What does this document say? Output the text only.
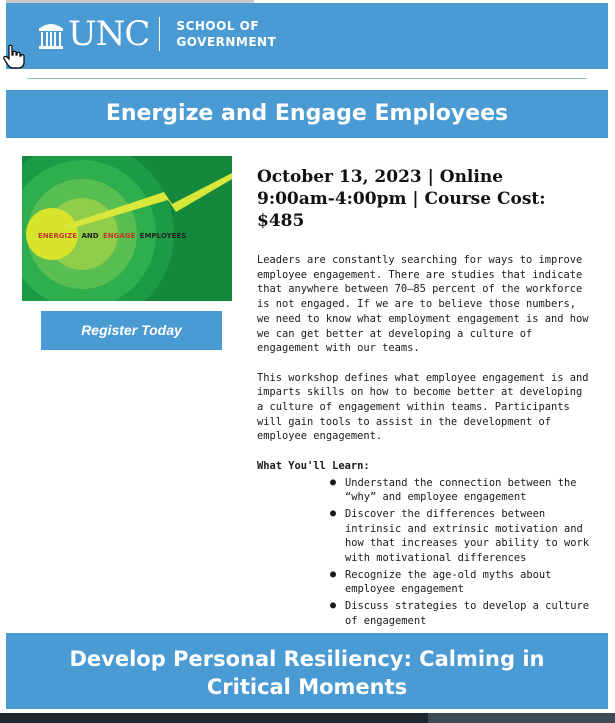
UNC SCHOOL OF
GOVERNMENT
Energize and Engage Employees
ENERGIZE AND ENGAGE EMPLOYEES
Register Today
October 13, 2023 | Online
9:00am-4:00pm | Course Cost: $485

Leaders are constantly searching for ways to improve employee engagement. There are studies that indicate that anywhere between 70–85 percent of the workforce is not engaged. If we are to believe those numbers, we need to know what employment engagement is and how we can get better at developing a culture of engagement with our teams.

This workshop defines what employee engagement is and imparts skills on how to become better at developing a culture of engagement within teams. Participants will gain tools to assist in the development of employee engagement.

What You'll Learn:
● Understand the connection between the “why” and employee engagement
● Discover the differences between intrinsic and extrinsic motivation and how that increases your ability to work with motivational differences
● Recognize the age-old myths about employee engagement
● Discuss strategies to develop a culture of engagement
Develop Personal Resiliency: Calming in
Critical Moments
